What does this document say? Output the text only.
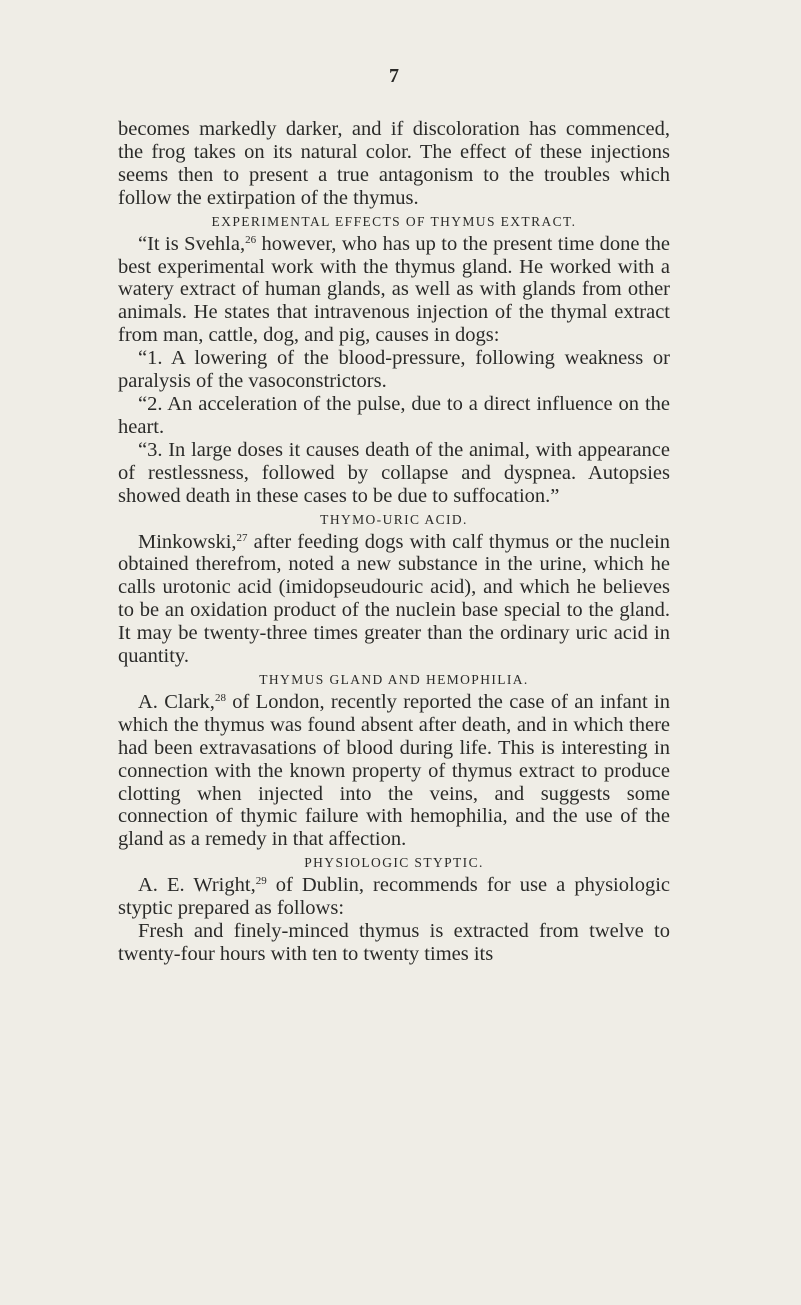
7

becomes markedly darker, and if discoloration has commenced, the frog takes on its natural color. The effect of these injections seems then to present a true antagonism to the troubles which follow the extirpation of the thymus.

EXPERIMENTAL EFFECTS OF THYMUS EXTRACT.

“It is Svehla,$^{26}$ however, who has up to the present time done the best experimental work with the thymus gland. He worked with a watery extract of human glands, as well as with glands from other animals. He states that intravenous injection of the thymal extract from man, cattle, dog, and pig, causes in dogs:

“1. A lowering of the blood-pressure, following weakness or paralysis of the vasoconstrictors.

“2. An acceleration of the pulse, due to a direct influence on the heart.

“3. In large doses it causes death of the animal, with appearance of restlessness, followed by collapse and dyspnea. Autopsies showed death in these cases to be due to suffocation.”

THYMO-URIC ACID.

Minkowski,$^{27}$ after feeding dogs with calf thymus or the nuclein obtained therefrom, noted a new substance in the urine, which he calls urotonic acid (imidopseudouric acid), and which he believes to be an oxidation product of the nuclein base special to the gland. It may be twenty-three times greater than the ordinary uric acid in quantity.

THYMUS GLAND AND HEMOPHILIA.

A. Clark,$^{28}$ of London, recently reported the case of an infant in which the thymus was found absent after death, and in which there had been extravasations of blood during life. This is interesting in connection with the known property of thymus extract to produce clotting when injected into the veins, and suggests some connection of thymic failure with hemophilia, and the use of the gland as a remedy in that affection.

PHYSIOLOGIC STYPTIC.

A. E. Wright,$^{29}$ of Dublin, recommends for use a physiologic styptic prepared as follows:

Fresh and finely-minced thymus is extracted from twelve to twenty-four hours with ten to twenty times its
